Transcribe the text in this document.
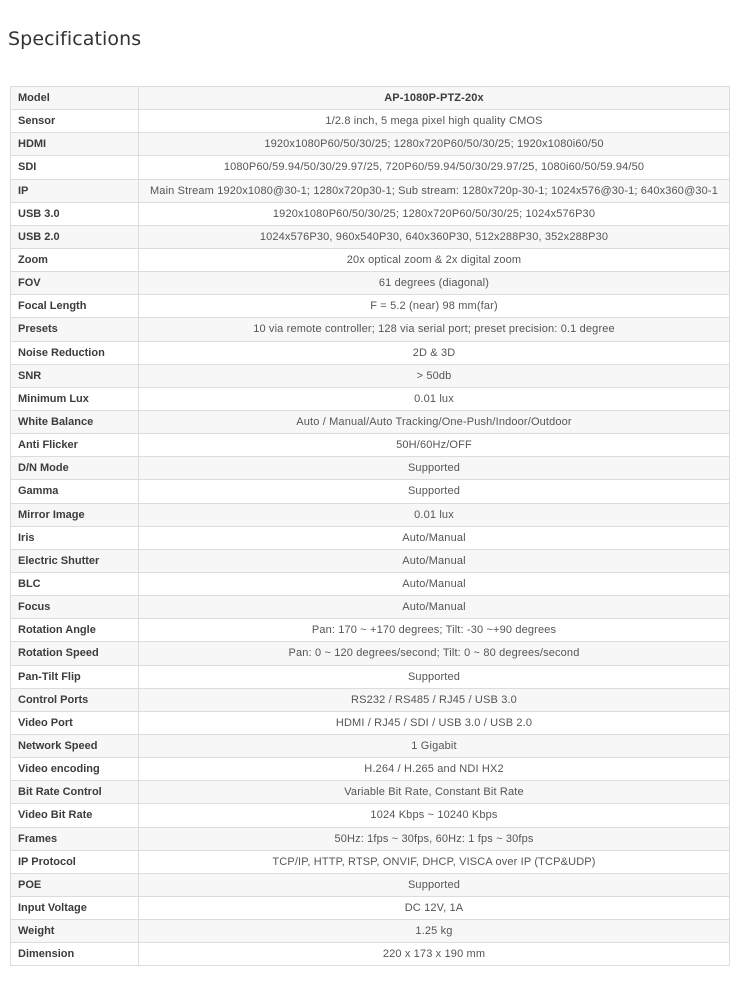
Specifications
Model	AP-1080P-PTZ-20x
Sensor	1/2.8 inch, 5 mega pixel high quality CMOS
HDMI	1920x1080P60/50/30/25; 1280x720P60/50/30/25; 1920x1080i60/50
SDI	1080P60/59.94/50/30/29.97/25, 720P60/59.94/50/30/29.97/25, 1080i60/50/59.94/50
IP	Main Stream 1920x1080@30-1; 1280x720p30-1; Sub stream: 1280x720p-30-1; 1024x576@30-1; 640x360@30-1
USB 3.0	1920x1080P60/50/30/25; 1280x720P60/50/30/25; 1024x576P30
USB 2.0	1024x576P30, 960x540P30, 640x360P30, 512x288P30, 352x288P30
Zoom	20x optical zoom & 2x digital zoom
FOV	61 degrees (diagonal)
Focal Length	F = 5.2 (near) 98 mm(far)
Presets	10 via remote controller; 128 via serial port; preset precision: 0.1 degree
Noise Reduction	2D & 3D
SNR	> 50db
Minimum Lux	0.01 lux
White Balance	Auto / Manual/Auto Tracking/One-Push/Indoor/Outdoor
Anti Flicker	50H/60Hz/OFF
D/N Mode	Supported
Gamma	Supported
Mirror Image	0.01 lux
Iris	Auto/Manual
Electric Shutter	Auto/Manual
BLC	Auto/Manual
Focus	Auto/Manual
Rotation Angle	Pan: 170 ~ +170 degrees; Tilt: -30 ~+90 degrees
Rotation Speed	Pan: 0 ~ 120 degrees/second; Tilt: 0 ~ 80 degrees/second
Pan-Tilt Flip	Supported
Control Ports	RS232 / RS485 / RJ45 / USB 3.0
Video Port	HDMI / RJ45 / SDI / USB 3.0 / USB 2.0
Network Speed	1 Gigabit
Video encoding	H.264 / H.265 and NDI HX2
Bit Rate Control	Variable Bit Rate, Constant Bit Rate
Video Bit Rate	1024 Kbps ~ 10240 Kbps
Frames	50Hz: 1fps ~ 30fps, 60Hz: 1 fps ~ 30fps
IP Protocol	TCP/IP, HTTP, RTSP, ONVIF, DHCP, VISCA over IP (TCP&UDP)
POE	Supported
Input Voltage	DC 12V, 1A
Weight	1.25 kg
Dimension	220 x 173 x 190 mm
